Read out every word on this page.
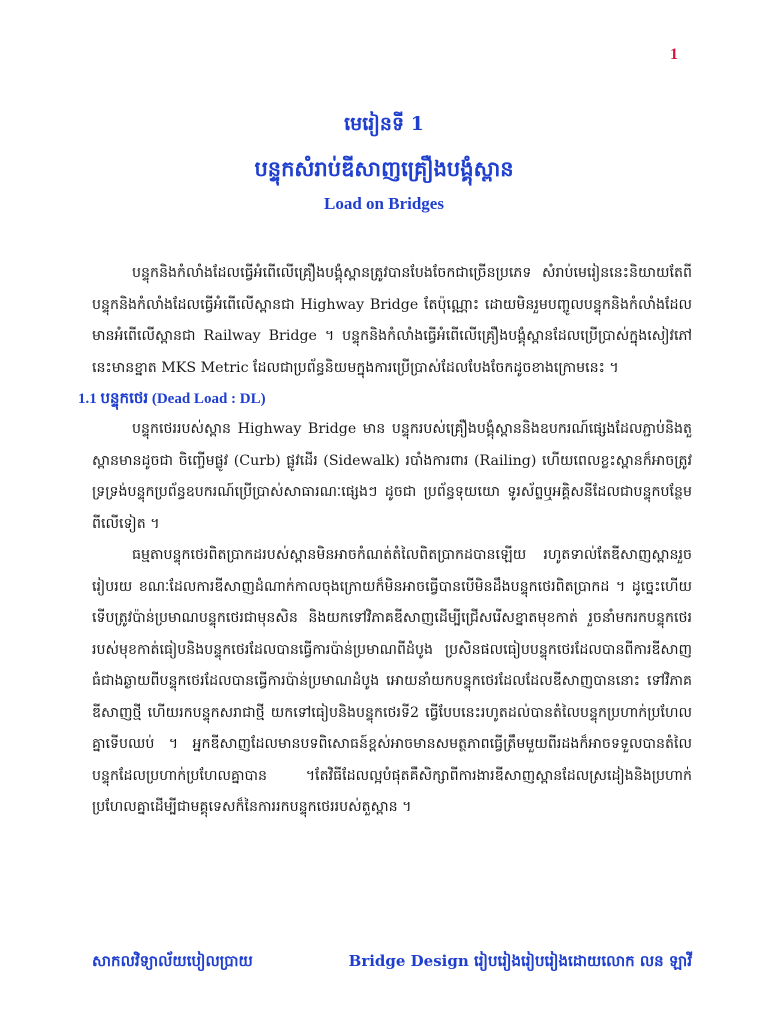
1
មេរៀនទី 1
បន្ទុកសំរាប់ឌីសាញគ្រឿងបង្គុំស្ពាន
Load on Bridges

បន្ទុកនិងកំលាំងដែលធ្វើអំពើលើគ្រឿងបង្គុំស្ពានត្រូវបានបែងចែកជាច្រើនប្រភេទ សំរាប់មេរៀននេះនិយាយតែពីបន្ទុកនិងកំលាំងដែលធ្វើអំពើលើស្ពានជា Highway Bridge តែប៉ុណ្ណោះ ដោយមិនរួមបញ្ចូលបន្ទុកនិងកំលាំងដែលមានអំពើលើស្ពានជា Railway Bridge ។ បន្ទុកនិងកំលាំងធ្វើអំពើលើគ្រឿងបង្គុំស្ពានដែលប្រើប្រាស់ក្នុងសៀវភៅនេះមានខ្នាត MKS Metric ដែលជាប្រព័ន្ធនិយមក្នុងការប្រើប្រាស់ដែលបែងចែកដូចខាងក្រោមនេះ ។

1.1 បន្ទុកថេរ (Dead Load : DL)

បន្ទុកថេររបស់ស្ពាន Highway Bridge មាន បន្ទុករបស់គ្រឿងបង្គុំស្ពាននិងឧបករណ៍ផ្សេងដែលភ្ជាប់និងតួស្ពានមានដូចជា ចិញ្ចើមផ្លូវ (Curb) ផ្លូវដើរ (Sidewalk) របាំងការពារ (Railing) ហើយពេលខ្លះស្ពានក៏អាចត្រូវទ្រទ្រង់បន្ទុកប្រព័ន្ធឧបករណ៍ប្រើប្រាស់សាធារណៈផ្សេងៗ ដូចជា ប្រព័ន្ធទុយយោ ទូរស័ព្ទឬអគ្គិសនីដែលជាបន្ទុកបន្ថែមពីលើទៀត ។

ធម្មតាបន្ទុកថេរពិតប្រាកដរបស់ស្ពានមិនអាចកំណត់តំលៃពិតប្រាកដបានឡើយ រហូតទាល់តែឌីសាញស្ពានរួចរៀបរយ ខណៈដែលការឌីសាញដំណាក់កាលចុងក្រោយក៏មិនអាចធ្វើបានបើមិនដឹងបន្ទុកថេរពិតប្រាកដ ។ ដូច្នេះហើយទើបត្រូវប៉ាន់ប្រមាណបន្ទុកថេរជាមុនសិន និងយកទៅវិភាគឌីសាញដើម្បីជ្រើសរើសខ្នាតមុខកាត់ រួចនាំមករកបន្ទុកថេររបស់មុខកាត់ធៀបនិងបន្ទុកថេរដែលបានធ្វើការប៉ាន់ប្រមាណពីដំបូង ប្រសិនផលធៀបបន្ទុកថេរដែលបានពីការឌីសាញធំជាងឆ្ងាយពីបន្ទុកថេរដែលបានធ្វើការប៉ាន់ប្រមាណដំបូង អោយនាំយកបន្ទុកថេរដែលដែលឌីសាញបាននោះ ទៅវិភាគឌីសាញថ្មី ហើយរកបន្ទុកសរាជាថ្មី យកទៅធៀបនិងបន្ទុកថេរទី2 ធ្វើបែបនេះរហូតដល់បានតំលៃបន្ទុកប្រហាក់ប្រហែលគ្នាទើបឈប់ ។ អ្នកឌីសាញដែលមានបទពិសោធន៍ខ្ពស់អាចមានសមត្ថភាពធ្វើត្រឹមមួយពីរដងក៏អាចទទួលបានតំលៃបន្ទុកដែលប្រហាក់ប្រហែលគ្នាបាន ។តែវិធីដែលល្អបំផុតគឺសិក្សាពីការងារឌីសាញស្ពានដែលស្រដៀងនិងប្រហាក់ប្រហែលគ្នាដើម្បីជាមគ្គុទេសក៏នៃការរកបន្ទុកថេររបស់តួស្ពាន ។

សាកលវិទ្យាល័យបៀលប្រាយ	Bridge Design រៀបរៀងរៀបរៀងដោយលោក លន ឡាវី
